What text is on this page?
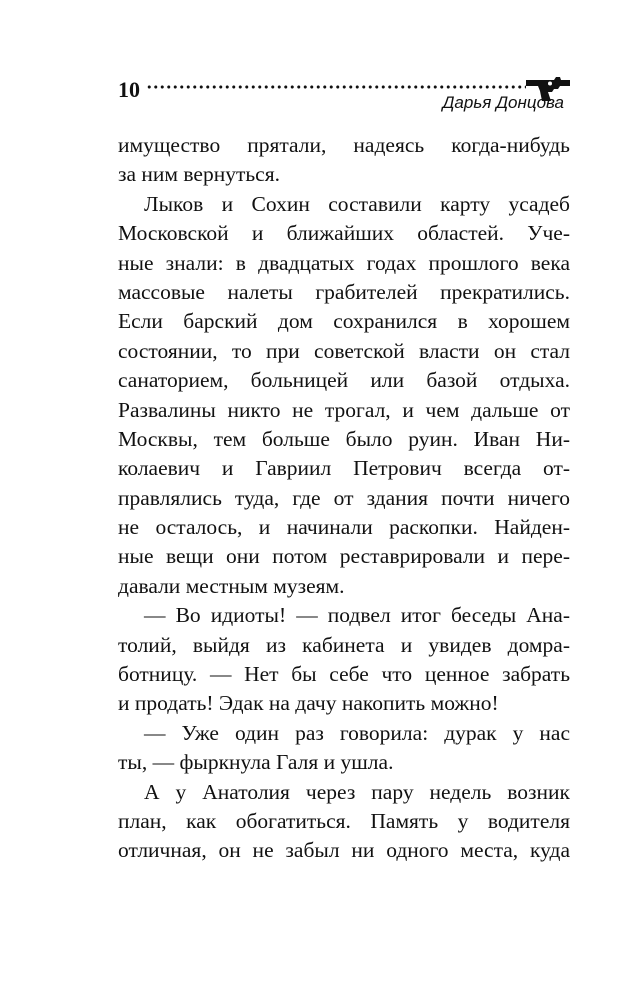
10
Дарья Донцова
имущество прятали, надеясь когда-нибудь
за ним вернуться.
Лыков и Сохин составили карту усадеб
Московской и ближайших областей. Уче-
ные знали: в двадцатых годах прошлого века
массовые налеты грабителей прекратились.
Если барский дом сохранился в хорошем
состоянии, то при советской власти он стал
санаторием, больницей или базой отдыха.
Развалины никто не трогал, и чем дальше от
Москвы, тем больше было руин. Иван Ни-
колаевич и Гавриил Петрович всегда от-
правлялись туда, где от здания почти ничего
не осталось, и начинали раскопки. Найден-
ные вещи они потом реставрировали и пере-
давали местным музеям.
— Во идиоты! — подвел итог беседы Ана-
толий, выйдя из кабинета и увидев домра-
ботницу. — Нет бы себе что ценное забрать
и продать! Эдак на дачу накопить можно!
— Уже один раз говорила: дурак у нас
ты, — фыркнула Галя и ушла.
А у Анатолия через пару недель возник
план, как обогатиться. Память у водителя
отличная, он не забыл ни одного места, куда
